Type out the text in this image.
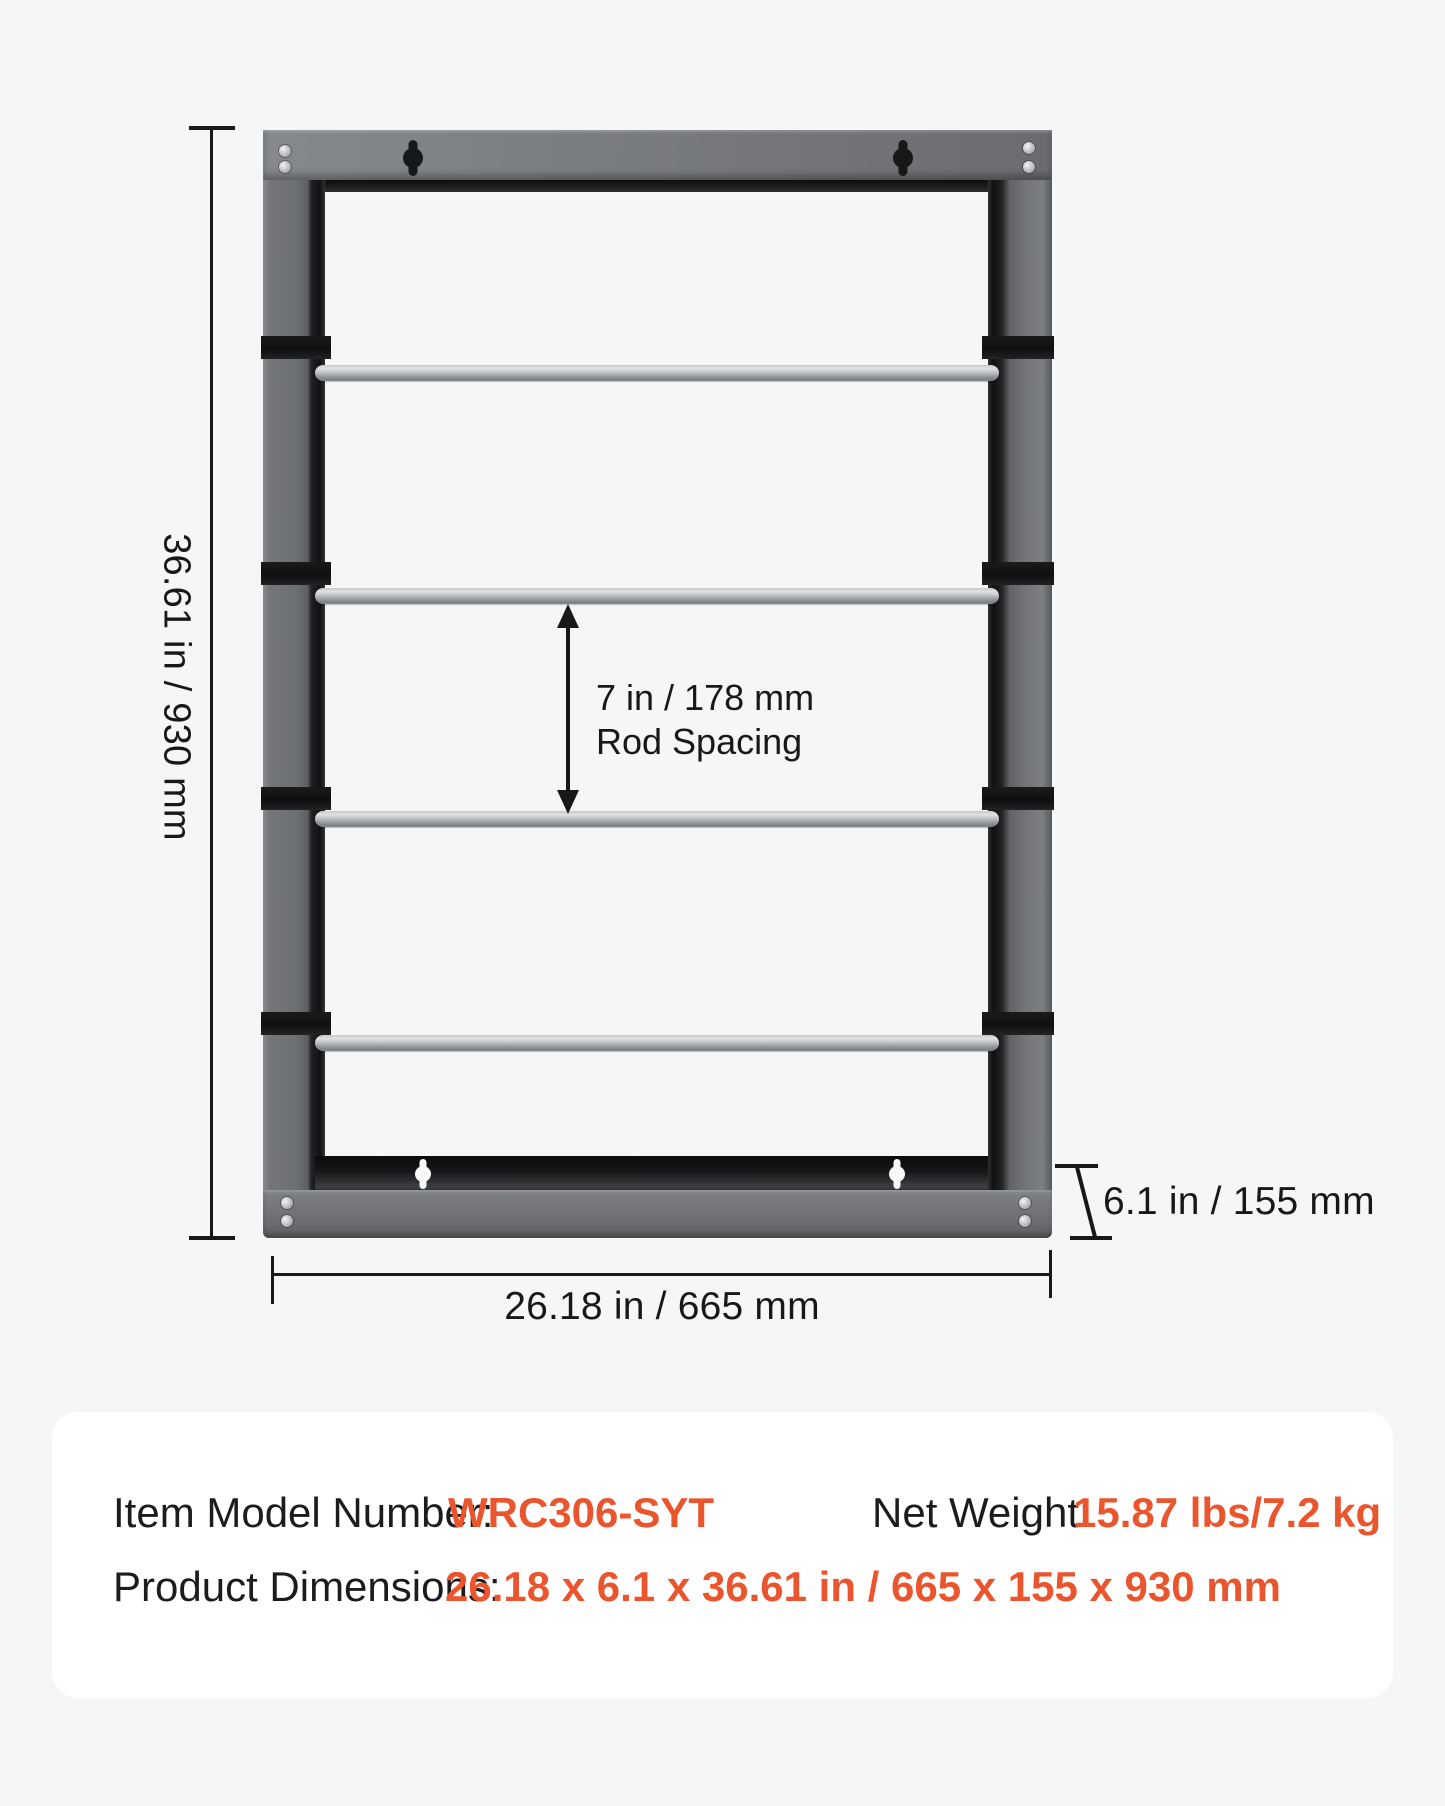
36.61 in / 930 mm
26.18 in / 665 mm
7 in / 178 mm
Rod Spacing
6.1 in / 155 mm
Item Model Number:
WRC306-SYT	Net Weight:
15.87 lbs/7.2 kg
Product Dimensions:
26.18 x 6.1 x 36.61 in / 665 x 155 x 930 mm
